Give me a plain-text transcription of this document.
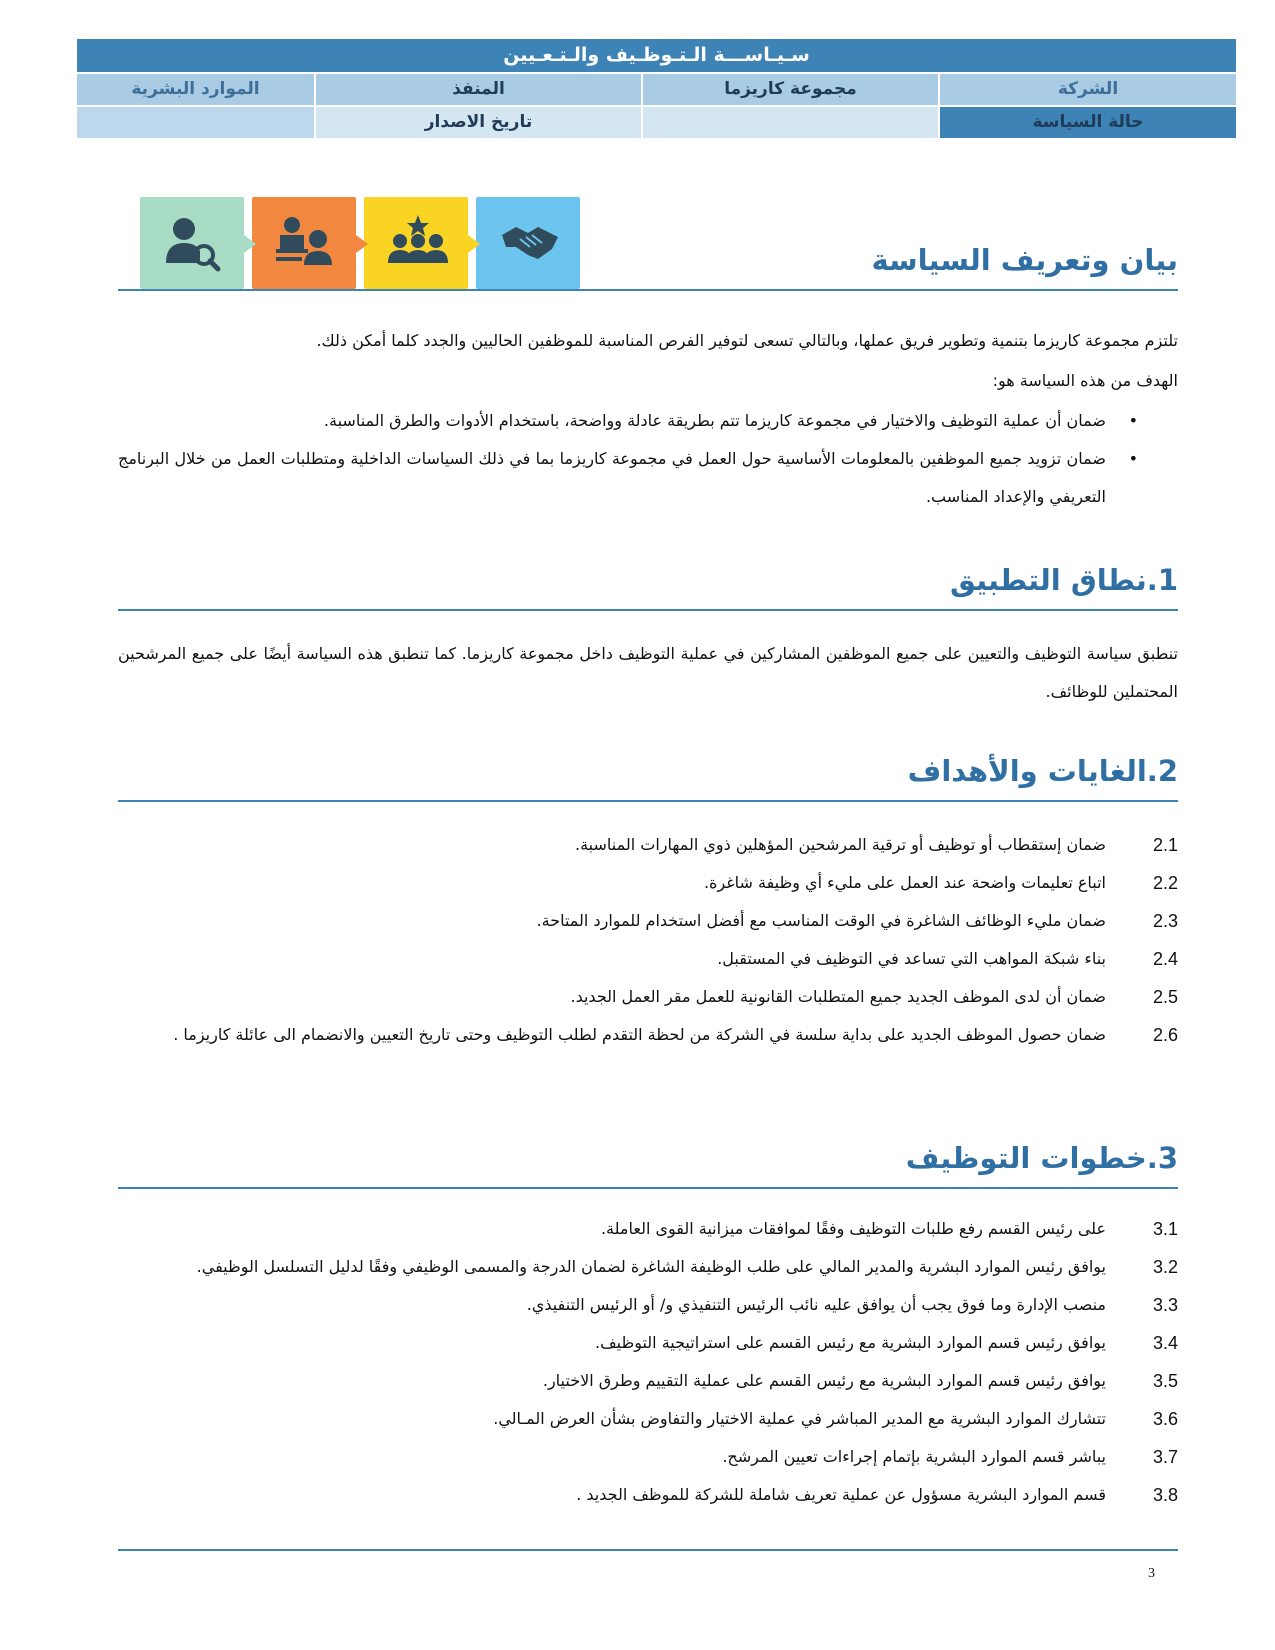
سـيـاســـة الـتـوظـيف والـتـعـيين
الشركة
مجموعة كاريزما
المنفذ
الموارد البشرية
حالة السياسة
تاريخ الاصدار
بيان وتعريف السياسة
تلتزم مجموعة كاريزما بتنمية وتطوير فريق عملها، وبالتالي تسعى لتوفير الفرص المناسبة للموظفين الحاليين والجدد كلما أمكن ذلك.
الهدف من هذه السياسة هو:
• ضمان أن عملية التوظيف والاختيار في مجموعة كاريزما تتم بطريقة عادلة وواضحة، باستخدام الأدوات والطرق المناسبة.
• ضمان تزويد جميع الموظفين بالمعلومات الأساسية حول العمل في مجموعة كاريزما بما في ذلك السياسات الداخلية ومتطلبات العمل من خلال البرنامج التعريفي والإعداد المناسب.
1.نطاق التطبيق
تنطبق سياسة التوظيف والتعيين على جميع الموظفين المشاركين في عملية التوظيف داخل مجموعة كاريزما. كما تنطبق هذه السياسة أيضًا على جميع المرشحين المحتملين للوظائف.
2.الغايات والأهداف
2.1
ضمان إستقطاب أو توظيف أو ترقية المرشحين المؤهلين ذوي المهارات المناسبة.
2.2
اتباع تعليمات واضحة عند العمل على مليء أي وظيفة شاغرة.
2.3
ضمان مليء الوظائف الشاغرة في الوقت المناسب مع أفضل استخدام للموارد المتاحة.
2.4
بناء شبكة المواهب التي تساعد في التوظيف في المستقبل.
2.5
ضمان أن لدى الموظف الجديد جميع المتطلبات القانونية للعمل مقر العمل الجديد.
2.6
ضمان حصول الموظف الجديد على بداية سلسة في الشركة من لحظة التقدم لطلب التوظيف وحتى تاريخ التعيين والانضمام الى عائلة كاريزما .
3.خطوات التوظيف
3.1
على رئيس القسم رفع طلبات التوظيف وفقًا لموافقات ميزانية القوى العاملة.
3.2
يوافق رئيس الموارد البشرية والمدير المالي على طلب الوظيفة الشاغرة لضمان الدرجة والمسمى الوظيفي وفقًا لدليل التسلسل الوظيفي.
3.3
منصب الإدارة وما فوق يجب أن يوافق عليه نائب الرئيس التنفيذي و/ أو الرئيس التنفيذي.
3.4
يوافق رئيس قسم الموارد البشرية مع رئيس القسم على استراتيجية التوظيف.
3.5
يوافق رئيس قسم الموارد البشرية مع رئيس القسم على عملية التقييم وطرق الاختيار.
3.6
تتشارك الموارد البشرية مع المدير المباشر في عملية الاختيار والتفاوض بشأن العرض المـالي.
3.7
يباشر قسم الموارد البشرية بإتمام إجراءات تعيين المرشح.
3.8
قسم الموارد البشرية مسؤول عن عملية تعريف شاملة للشركة للموظف الجديد .
3
